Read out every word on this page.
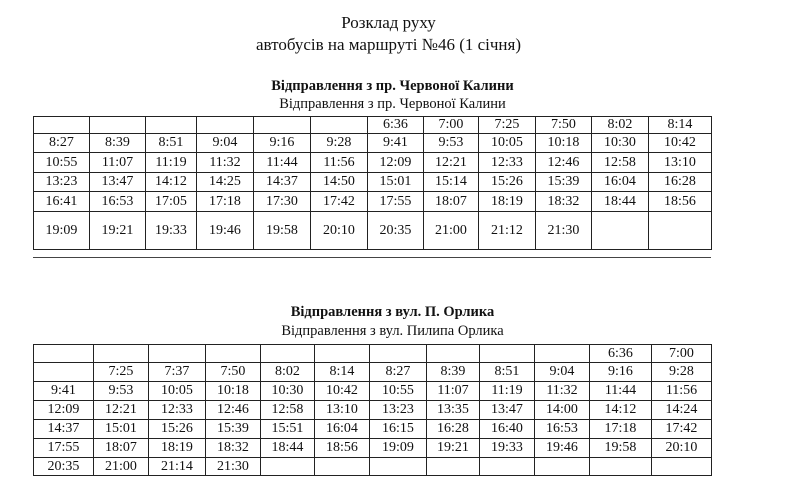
Розклад руху
автобусів на маршруті №46 (1 січня)
Відправлення з пр. Червоної Калини
Відправлення з пр. Червоної Калини
						6:36	7:00	7:25	7:50	8:02	8:14
8:27	8:39	8:51	9:04	9:16	9:28	9:41	9:53	10:05	10:18	10:30	10:42
10:55	11:07	11:19	11:32	11:44	11:56	12:09	12:21	12:33	12:46	12:58	13:10
13:23	13:47	14:12	14:25	14:37	14:50	15:01	15:14	15:26	15:39	16:04	16:28
16:41	16:53	17:05	17:18	17:30	17:42	17:55	18:07	18:19	18:32	18:44	18:56
19:09	19:21	19:33	19:46	19:58	20:10	20:35	21:00	21:12	21:30		
Відправлення з вул. П. Орлика
Відправлення з вул. Пилипа Орлика
										6:36	7:00
	7:25	7:37	7:50	8:02	8:14	8:27	8:39	8:51	9:04	9:16	9:28
9:41	9:53	10:05	10:18	10:30	10:42	10:55	11:07	11:19	11:32	11:44	11:56
12:09	12:21	12:33	12:46	12:58	13:10	13:23	13:35	13:47	14:00	14:12	14:24
14:37	15:01	15:26	15:39	15:51	16:04	16:15	16:28	16:40	16:53	17:18	17:42
17:55	18:07	18:19	18:32	18:44	18:56	19:09	19:21	19:33	19:46	19:58	20:10
20:35	21:00	21:14	21:30								
